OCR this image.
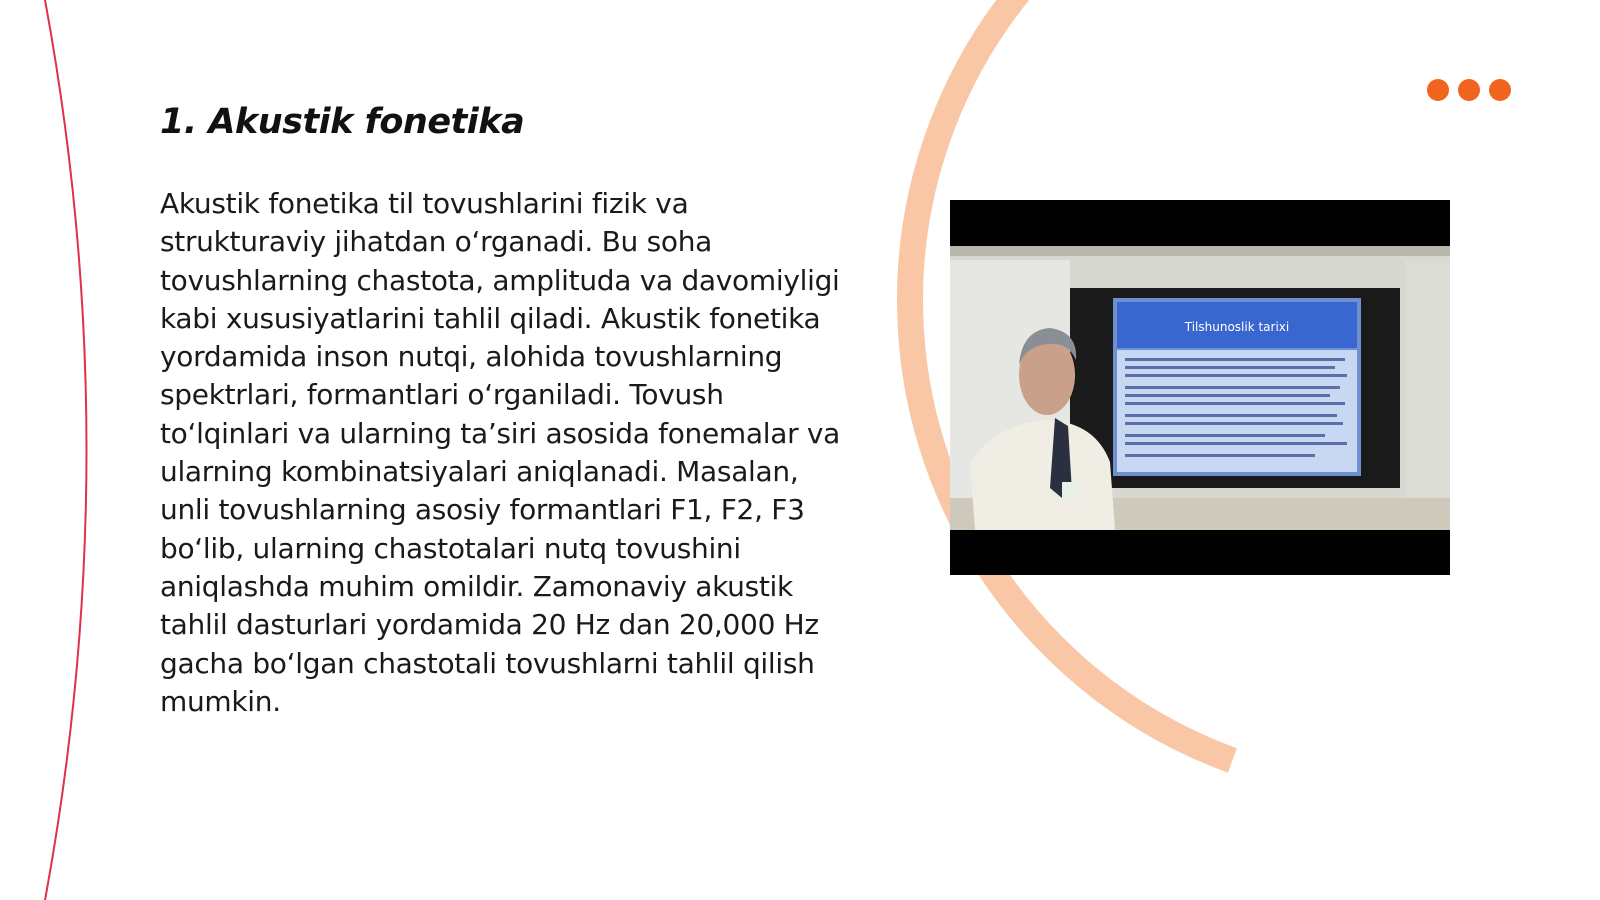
1. Akustik fonetika

Akustik fonetika til tovushlarini fizik va strukturaviy jihatdan o‘rganadi. Bu soha tovushlarning chastota, amplituda va davomiyligi kabi xususiyatlarini tahlil qiladi. Akustik fonetika yordamida inson nutqi, alohida tovushlarning spektrlari, formantlari o‘rganiladi. Tovush to‘lqinlari va ularning ta’siri asosida fonemalar va ularning kombinatsiyalari aniqlanadi. Masalan, unli tovushlarning asosiy formantlari F1, F2, F3 bo‘lib, ularning chastotalari nutq tovushini aniqlashda muhim omildir. Zamonaviy akustik tahlil dasturlari yordamida 20 Hz dan 20,000 Hz gacha bo‘lgan chastotali tovushlarni tahlil qilish mumkin.

Tilshunoslik tarixi
